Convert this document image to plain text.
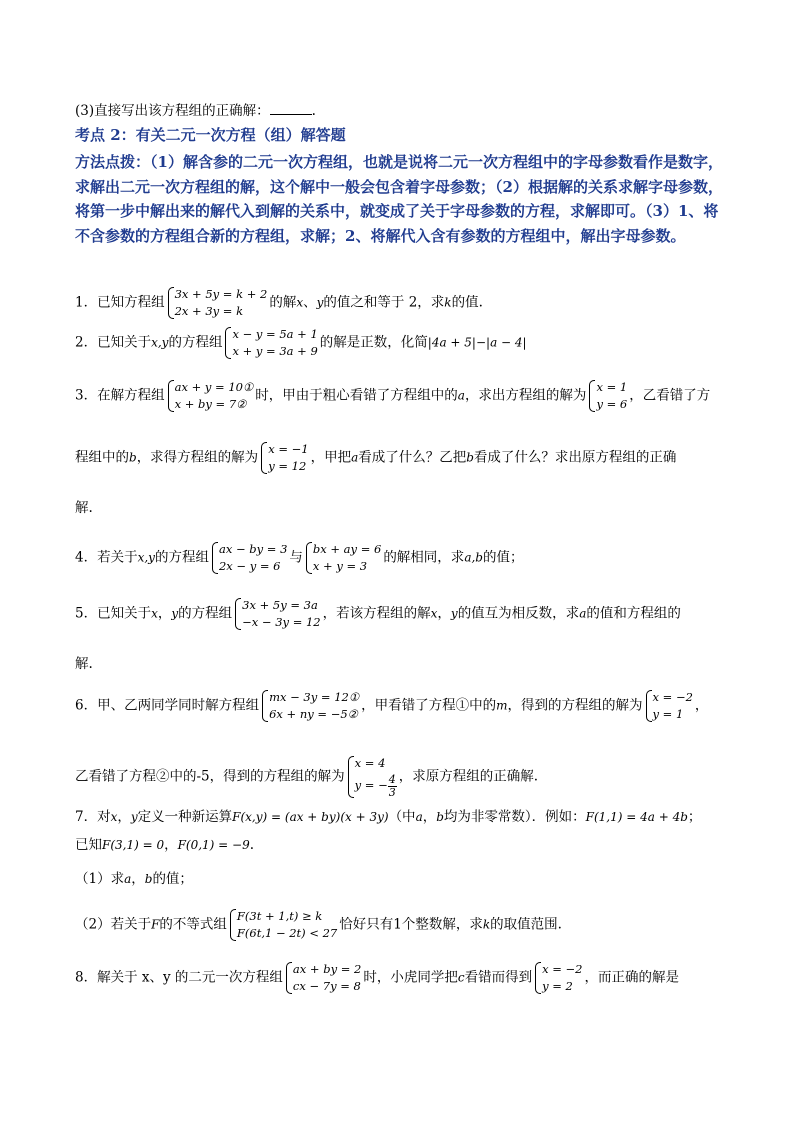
(3)直接写出该方程组的正确解：	.
考点 2：有关二元一次方程（组）解答题
方法点拨：（1）解含参的二元一次方程组，也就是说将二元一次方程组中的字母参数看作是数字，求解出二元一次方程组的解，这个解中一般会包含着字母参数；（2）根据解的关系求解字母参数，将第一步中解出来的解代入到解的关系中，就变成了关于字母参数的方程，求解即可。（3）1、将不含参数的方程组合新的方程组，求解；2、将解代入含有参数的方程组中，解出字母参数。
1．已知方程组
3x + 5y = k + 2
2x + 3y = k
的解x、y的值之和等于 2，求k的值.
2．已知关于x,y的方程组
x − y = 5a + 1
x + y = 3a + 9
的解是正数，化简|4a + 5|−|a − 4|
3．在解方程组
ax + y = 10①
x + by = 7②
时，甲由于粗心看错了方程组中的a，求出方程组的解为
x = 1
y = 6
，乙看错了方
程组中的b，求得方程组的解为
x = −1
y = 12
，甲把a看成了什么？乙把b看成了什么？求出原方程组的正确
解.
4．若关于x,y的方程组
ax − by = 3
2x − y = 6
与
bx + ay = 6
x + y = 3
的解相同，求a,b的值；
5．已知关于x，y的方程组
3x + 5y = 3a
−x − 3y = 12
，若该方程组的解x，y的值互为相反数，求a的值和方程组的
解.
6．甲、乙两同学同时解方程组
mx − 3y = 12①
6x + ny = −5②
，甲看错了方程①中的m，得到的方程组的解为
x = −2
y = 1
，
乙看错了方程②中的-5，得到的方程组的解为
x = 4
y = − $\frac{4}{3}$ ，求原方程组的正确解.
7．对x，y定义一种新运算F(x,y) = (ax + by)(x + 3y)（中a，b均为非零常数）．例如：F(1,1) = 4a + 4b；
已知F(3,1) = 0，F(0,1) = −9.
（1）求a，b的值；
（2）若关于F的不等式组
F(3t + 1,t) ≥ k
F(6t,1 − 2t) < 27
恰好只有1个整数解，求k的取值范围.
8．解关于 x、y 的二元一次方程组
ax + by = 2
cx − 7y = 8
时，小虎同学把c看错而得到
x = −2
y = 2
，而正确的解是
